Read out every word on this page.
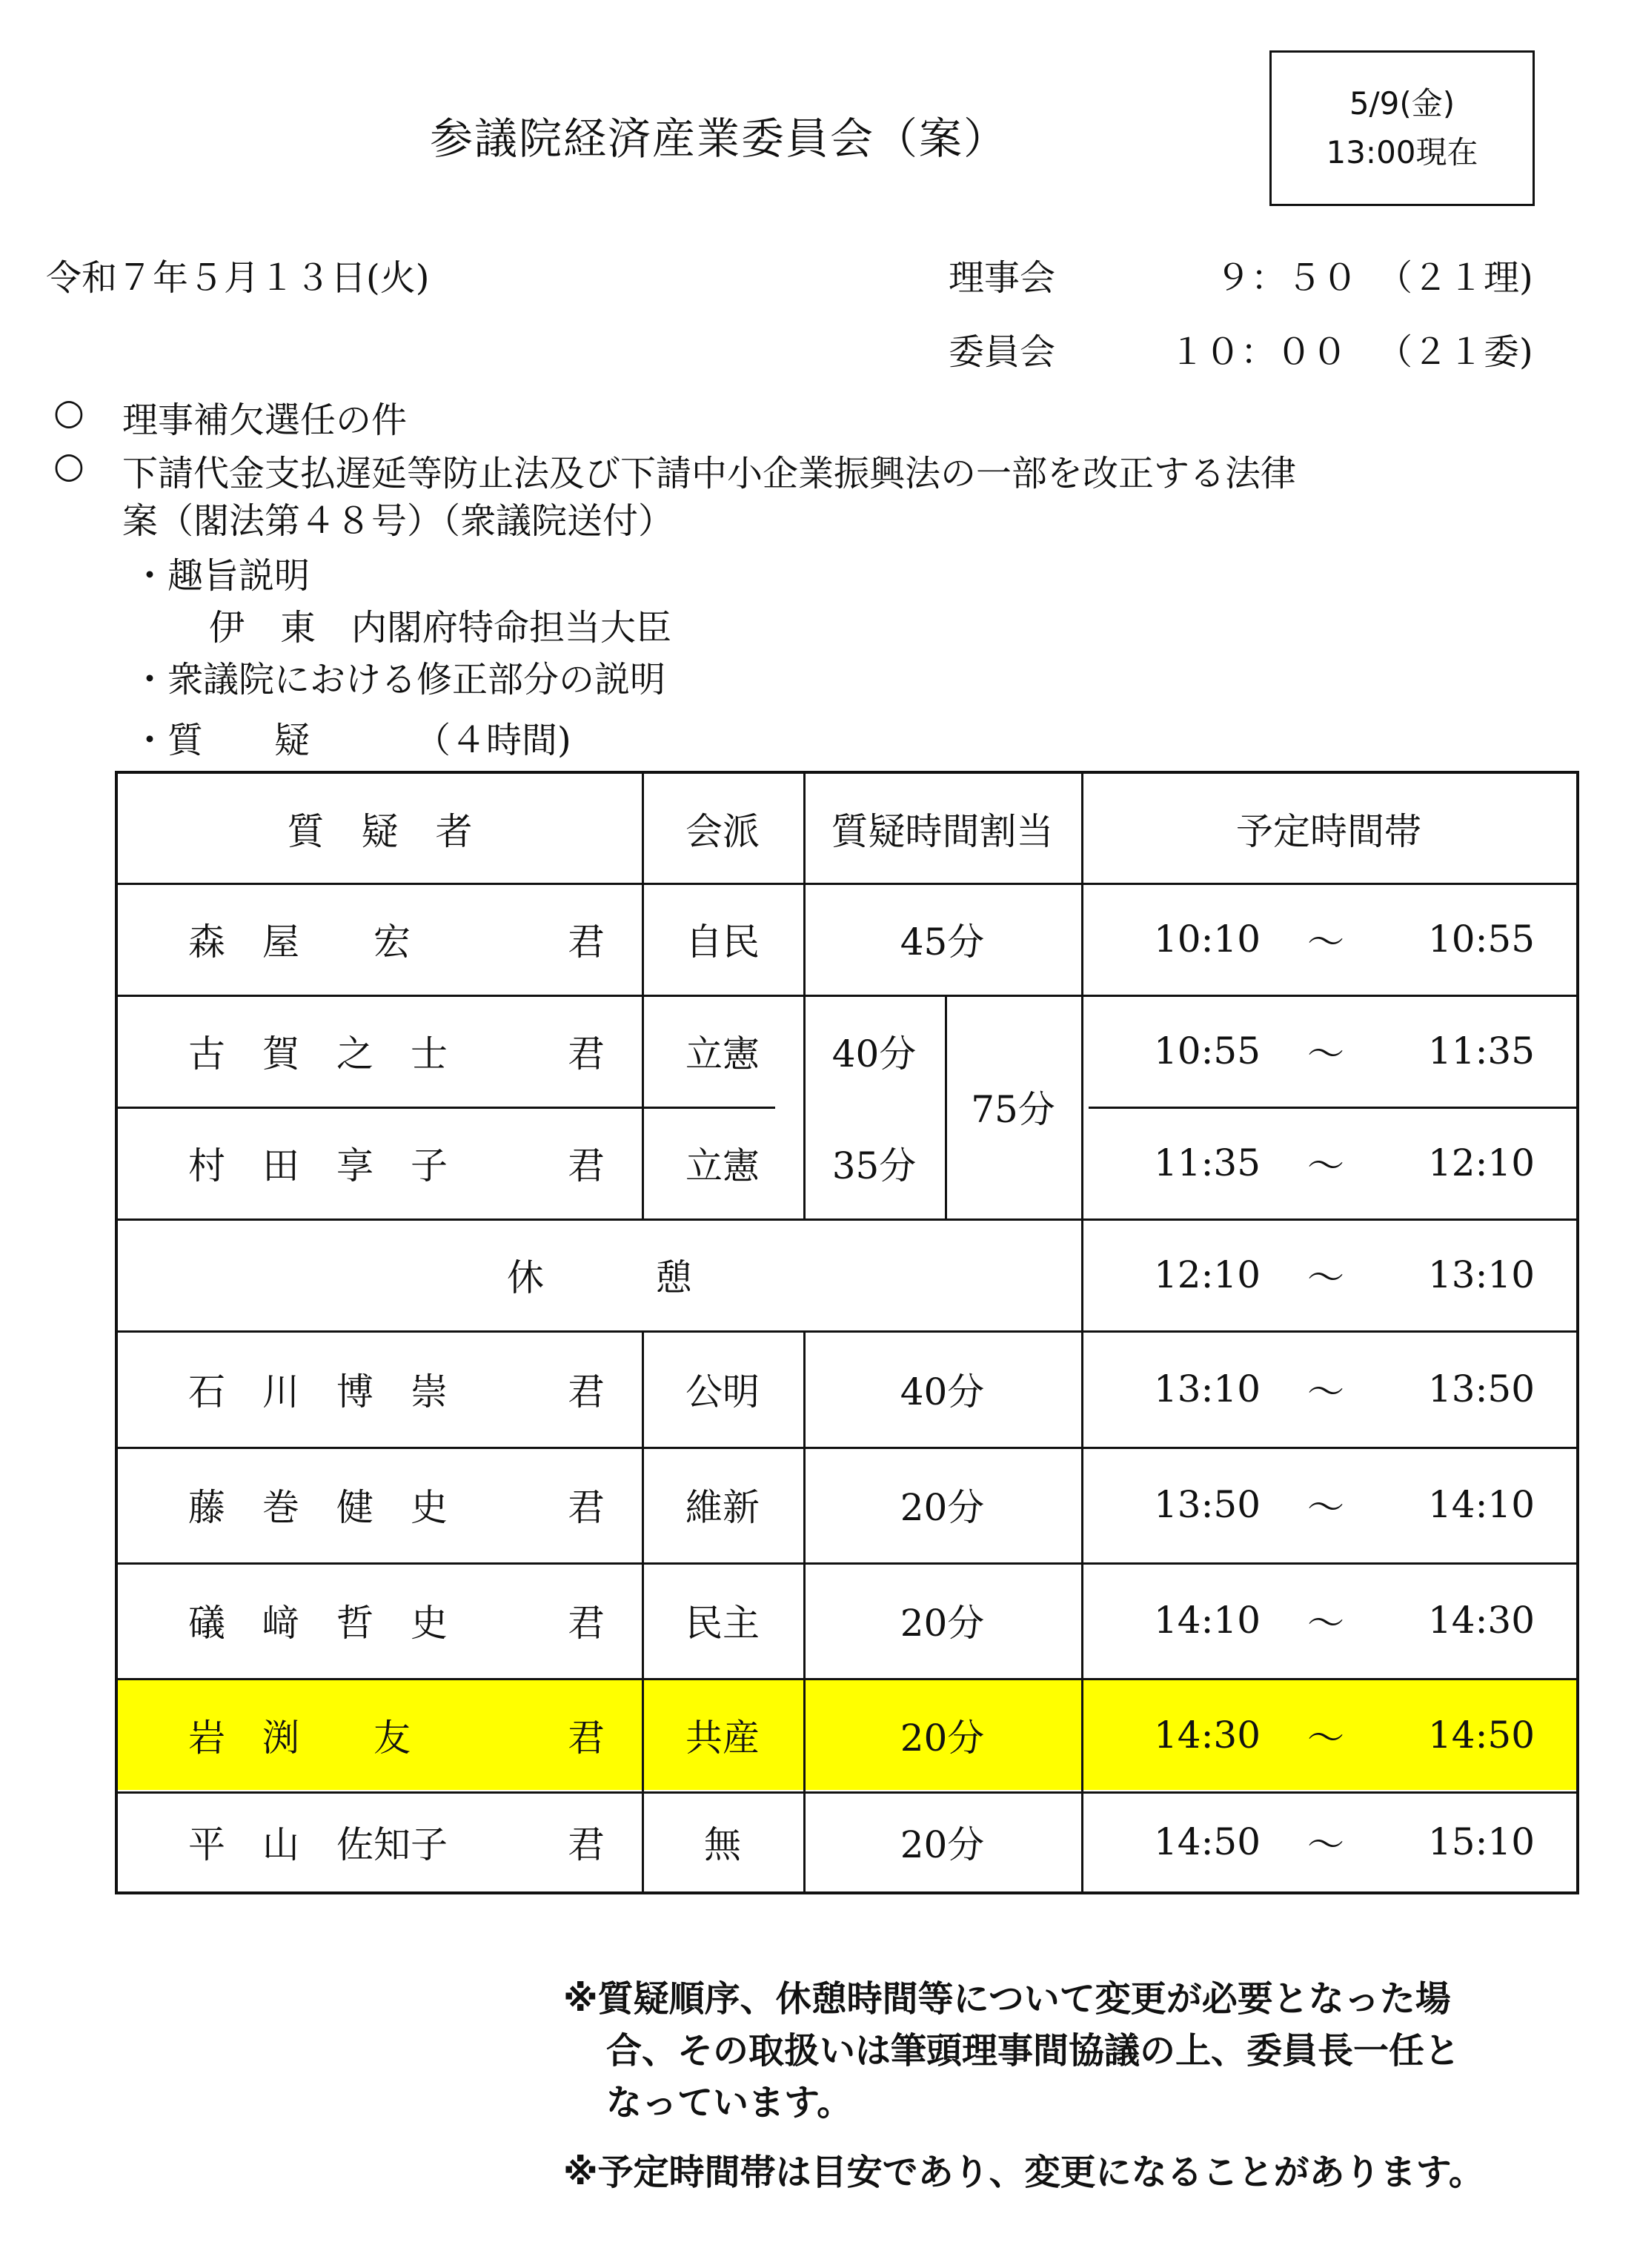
参議院経済産業委員会（案）
5/9(金)
13:00現在
令和７年５月１３日(火)	理事会	９：５０ （２１理)
委員会	１０：００ （２１委)
○ 理事補欠選任の件
○ 下請代金支払遅延等防止法及び下請中小企業振興法の一部を改正する法律
案（閣法第４８号）（衆議院送付）
・趣旨説明
伊　東　内閣府特命担当大臣
・衆議院における修正部分の説明
・質　　疑	（４時間)
質　疑　者	会派	質疑時間割当	予定時間帯
森　屋　　宏	君	自民	45分	10:10	～	10:55
古　賀　之　士	君	立憲	40分	10:55	～	11:35
75分
村　田　享　子	君	立憲	35分	11:35	～	12:10
休　　　憩	12:10	～	13:10
石　川　博　崇	君	公明	40分	13:10	～	13:50
藤　巻　健　史	君	維新	20分	13:50	～	14:10
礒　﨑　哲　史	君	民主	20分	14:10	～	14:30
岩　渕　　友	君	共産	20分	14:30	～	14:50
平　山　佐知子	君	無	20分	14:50	～	15:10
※質疑順序、休憩時間等について変更が必要となった場
合、その取扱いは筆頭理事間協議の上、委員長一任と
なっています。
※予定時間帯は目安であり、変更になることがあります。
